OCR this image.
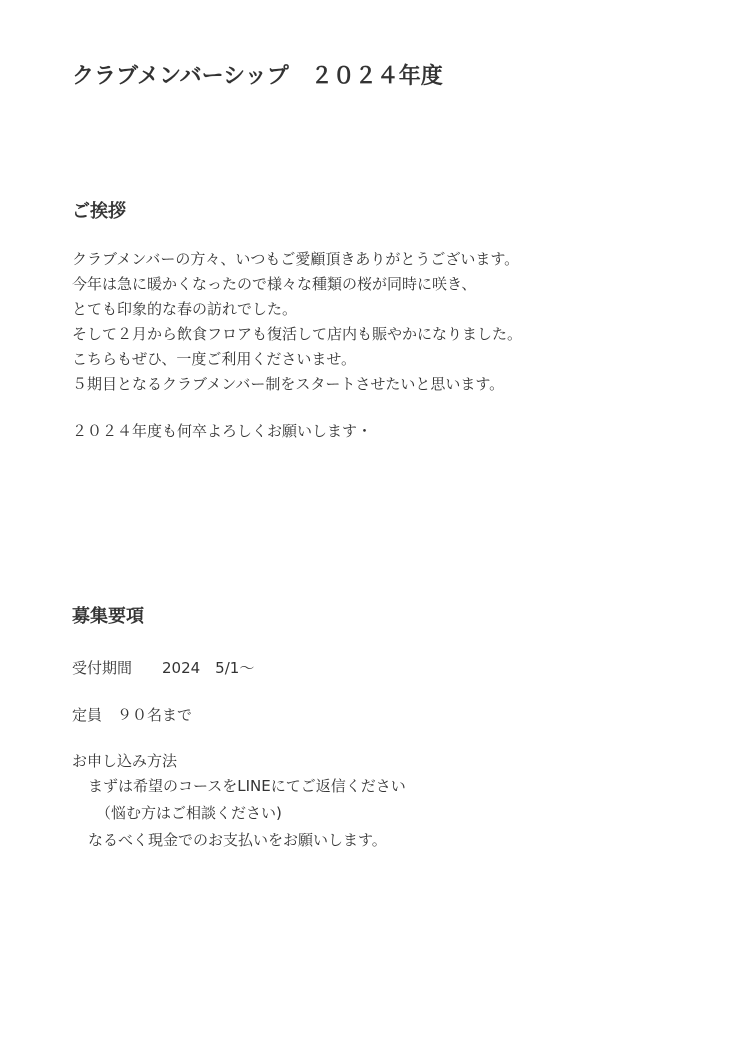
クラブメンバーシップ　２０２４年度
ご挨拶

クラブメンバーの方々、いつもご愛顧頂きありがとうございます。

今年は急に暖かくなったので様々な種類の桜が同時に咲き、

とても印象的な春の訪れでした。

そして２月から飲食フロアも復活して店内も賑やかになりました。

こちらもぜひ、一度ご利用くださいませ。

５期目となるクラブメンバー制をスタートさせたいと思います。

２０２４年度も何卒よろしくお願いします・

募集要項

受付期間　　2024　5/1〜

定員　９０名まで

お申し込み方法

まずは希望のコースをLINEにてご返信ください

（悩む方はご相談ください)

なるべく現金でのお支払いをお願いします。
